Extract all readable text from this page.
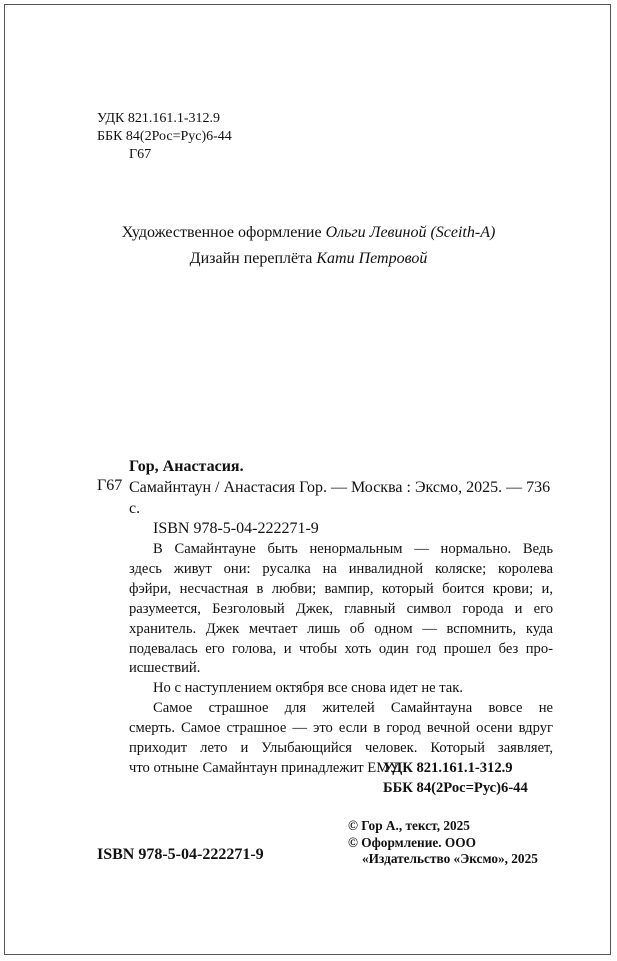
УДК 821.161.1-312.9
ББК 84(2Рос=Рус)6-44
Г67
Художественное оформление Ольги Левиной (Sceith-A)
Дизайн переплёта Кати Петровой
Гор, Анастасия.
Г67 Самайнтаун / Анастасия Гор. — Москва : Эксмо, 2025. — 736 с.
ISBN 978-5-04-222271-9
В Самайнтауне быть ненормальным — нормально. Ведь
здесь живут они: русалка на инвалидной коляске; королева
фэйри, несчастная в любви; вампир, который боится крови; и,
разумеется, Безголовый Джек, главный символ города и его
хранитель. Джек мечтает лишь об одном — вспомнить, куда
подевалась его голова, и чтобы хоть один год прошел без про-
исшествий.
Но с наступлением октября все снова идет не так.
Самое страшное для жителей Самайнтауна вовсе не
смерть. Самое страшное — это если в город вечной осени вдруг
приходит лето и Улыбающийся человек. Который заявляет,
что отныне Самайнтаун принадлежит ЕМУ.
УДК 821.161.1-312.9
ББК 84(2Рос=Рус)6-44
© Гор А., текст, 2025
© Оформление. ООО
«Издательство «Эксмо», 2025
ISBN 978-5-04-222271-9
